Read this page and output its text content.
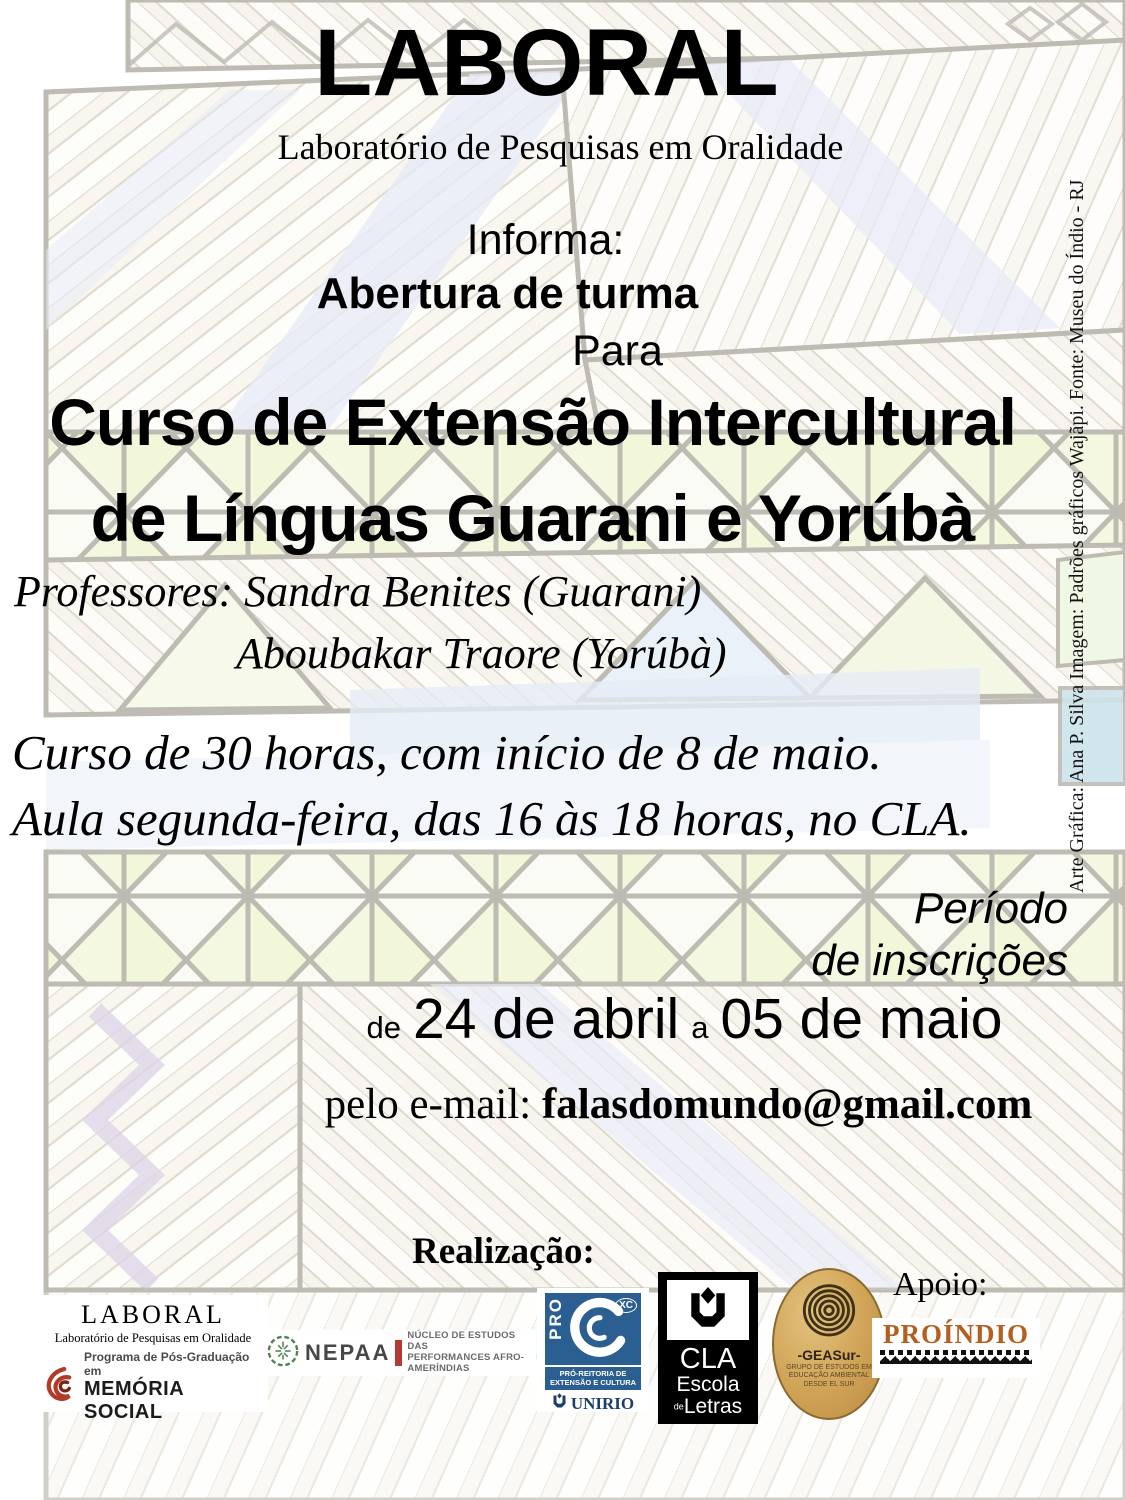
LABORAL
Laboratório de Pesquisas em Oralidade
Informa:
Abertura de turma
Para
Curso de Extensão Intercultural
de Línguas Guarani e Yorúbà
Professores: Sandra Benites (Guarani)
Aboubakar Traore (Yorúbà)
Curso de 30 horas, com início de 8 de maio.
Aula segunda-feira, das 16 às 18 horas, no CLA.
Período
de inscrições
de 24 de abril a 05 de maio
pelo e-mail: falasdomundo@gmail.com
Realização:
Apoio:
Arte Gráfica: Ana P. Silva Imagem: Padrões gráficos Wajãpi. Fonte: Museu do Índio - RJ
LABORAL
Laboratório de Pesquisas em Oralidade
Programa de Pós-Graduação em
MEMÓRIA SOCIAL
NEPAA
NÚCLEO DE ESTUDOS DAS
PERFORMANCES AFRO-AMERÍNDIAS
PRO	XC
PRÓ-REITORIA DE
EXTENSÃO E CULTURA
UNIRIO
CLA
Escola
deLetras
-GEASur-
GRUPO DE ESTUDOS EM
EDUCAÇÃO AMBIENTAL
DESDE EL SUR
PROÍNDIO
